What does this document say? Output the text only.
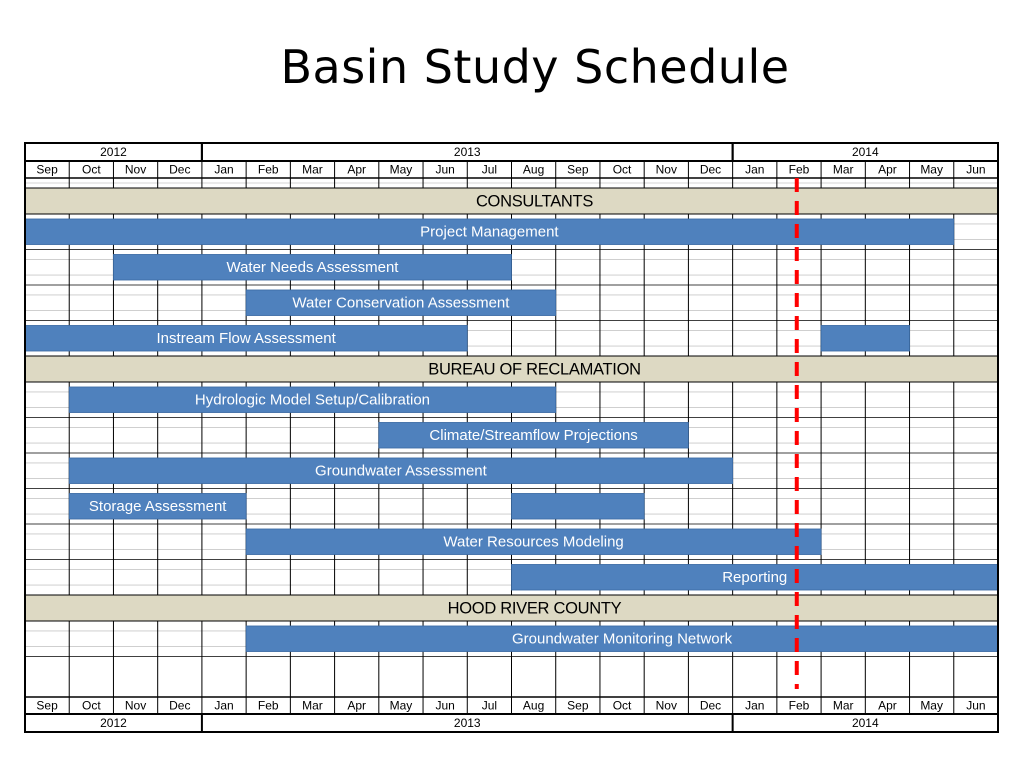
Basin Study Schedule
CONSULTANTS
BUREAU OF RECLAMATION
HOOD RIVER COUNTY
Project Management
Water Needs Assessment
Water Conservation Assessment
Instream Flow Assessment
Hydrologic Model Setup/Calibration
Climate/Streamflow Projections
Groundwater Assessment
Storage Assessment
Water Resources Modeling
Reporting
Groundwater Monitoring Network
2012	2013	2014
Sep Oct Nov Dec Jan Feb Mar Apr May Jun Jul Aug Sep Oct Nov Dec Jan Feb Mar Apr May Jun
Sep Oct Nov Dec Jan Feb Mar Apr May Jun Jul Aug Sep Oct Nov Dec Jan Feb Mar Apr May Jun
2012	2013	2014
